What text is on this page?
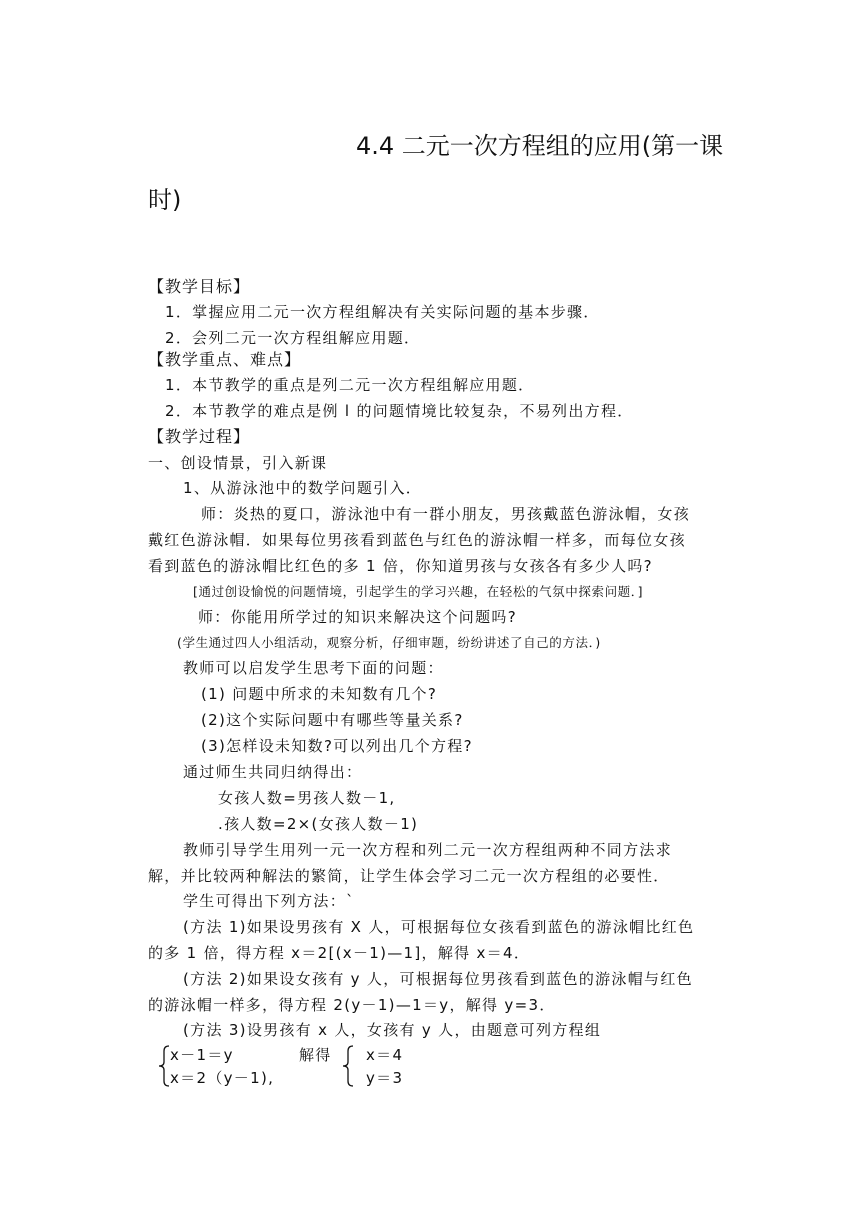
4.4 二元一次方程组的应用(第一课
时)
【教学目标】
1．掌握应用二元一次方程组解决有关实际问题的基本步骤．
2．会列二元一次方程组解应用题．
【教学重点、难点】
1．本节教学的重点是列二元一次方程组解应用题．
2．本节教学的难点是例 l 的问题情境比较复杂，不易列出方程．
【教学过程】
一、创设情景，引入新课
1、从游泳池中的数学问题引入．
师：炎热的夏口，游泳池中有一群小朋友，男孩戴蓝色游泳帽，女孩
戴红色游泳帽．如果每位男孩看到蓝色与红色的游泳帽一样多，而每位女孩
看到蓝色的游泳帽比红色的多 1 倍，你知道男孩与女孩各有多少人吗?
[通过创设愉悦的问题情境，引起学生的学习兴趣，在轻松的气氛中探索问题．]
师：你能用所学过的知识来解决这个问题吗?
(学生通过四人小组活动，观察分析，仔细审题，纷纷讲述了自己的方法．)
教师可以启发学生思考下面的问题：
(1) 问题中所求的未知数有几个?
(2)这个实际问题中有哪些等量关系?
(3)怎样设未知数?可以列出几个方程?
通过师生共同归纳得出：
女孩人数=男孩人数－1,
.孩人数=2×(女孩人数－1)
教师引导学生用列一元一次方程和列二元一次方程组两种不同方法求
解，并比较两种解法的繁简，让学生体会学习二元一次方程组的必要性．
学生可得出下列方法：`
(方法 1)如果设男孩有 X 人，可根据每位女孩看到蓝色的游泳帽比红色
的多 1 倍，得方程 x＝2[(x－1)—1]，解得 x＝4．
(方法 2)如果设女孩有 y 人，可根据每位男孩看到蓝色的游泳帽与红色
的游泳帽一样多，得方程 2(y－1)—1＝y，解得 y=3．
(方法 3)设男孩有 x 人，女孩有 y 人，由题意可列方程组
x－1＝y
x＝2（y－1),
解得 x＝4
y＝3
